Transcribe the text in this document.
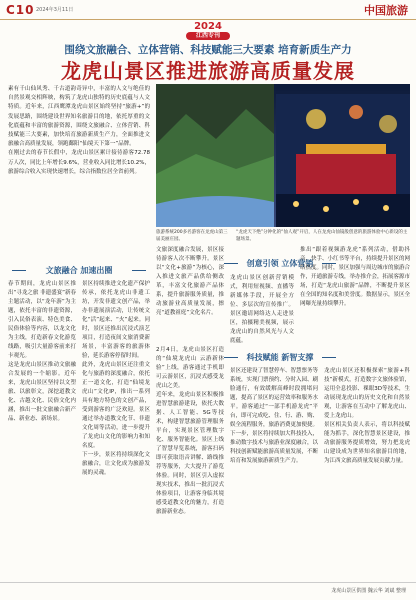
C10 2024年3月11日	中国旅游
2024
江西专刊
围绕文旅融合、立体营销、科技赋能三大要素 培育新质生产力
龙虎山景区推进旅游高质量发展
素有千山仙风秀、千古道韵奇异中，丰富的人文与绝佳的自然景观交相辉映，构筑了龙虎山独特的历史底蕴与人文特质。近年来，江西鹰潭龙虎山景区始终坚持“旅游+”的发展思路，围绕建设世界知名旅游目的地，依托厚重的文化底蕴和丰富的旅游资源，围绕文旅融合、立体营销、科技赋能三大要素，加快培育旅游新质生产力，全面推进文旅融合高质量发展，领跑鄱阳“仙境天下第一”品牌。
在刚过去的春节长假中，龙虎山景区累计接待游客72.78万人次，同比上年增长9.6%，营业收入同比增长10.2%，旅游综合收入实现快速增长，综合指数位居全省前列。
旅游系统200多名游客在龙虎山第三届美丽庄园。
“龙虎天下绝”分钟化的“仙人观”开启，人在龙虎山仙镜般创意的旅游体验中心新设的主题场景。
文旅融合 加速出圈
创意引领 立体营销
科技赋能 新智支撑
春节期间，龙虎山景区推出“寻龙之旅 非遗盛宴”新春主题活动，以“龙年游”为主题，依托丰富的非遗资源，引入民俗表演、特色美食、民俗体验等内容，以龙文化为主线，打造新春文化游览线路，吸引大量游客前来打卡观光。
这是龙虎山景区推动文旅融合发展的一个缩影。近年来，龙虎山景区坚持以文塑旅、以旅彰文，深挖道教文化、古越文化、民俗文化内涵，推出一批文旅融合新产品、新业态、新场景。
景区持续推进文化遗产保护传承，依托龙虎山非遗工坊，开发非遗文创产品，举办非遗展演活动，让传统文化“活”起来、“火”起来。同时，景区还推出沉浸式演艺项目，打造夜间文旅消费新场景，丰富游客的旅游体验，延长游客停留时间。
此外，龙虎山景区还注重文化与旅游的深度融合，依托正一道文化，打造“仙境龙虎山”文化IP，推出一系列具有地方特色的文创产品，受到游客的广泛欢迎。景区通过举办道教文化节、非遗文化周等活动，进一步提升了龙虎山文化的影响力和知名度。
下一步，景区将持续深化文旅融合，让文化成为旅游发展的灵魂。
文旅深度融合发展，景区接待游客人次不断攀升。景区以“文化+旅游”为核心，深入推进文旅产品供给侧改革，丰富文化旅游产品体系，提升旅游服务质量，推动旅游业高质量发展，擦亮“道教祖庭”文化名片。
龙虎山景区创新营销模式，利用短视频、直播等新媒体手段，开展全方位、多层次的宣传推广。景区邀请网络达人走进景区，拍摄精美视频，展示龙虎山的自然风光与人文底蕴。
推出“跟着视频游龙虎”系列活动，借助抖音、快手、小红书等平台，持续提升景区的网络热度。同时，景区加强与周边城市的旅游合作，开通旅游专线，举办推介会，拓展客源市场，打造“龙虎山旅游”品牌，不断提升景区在全国的知名度和美誉度。数据显示，景区全网曝光量持续攀升。
2月4日，龙虎山景区打造的“仙境龙虎山 云游新体验”上线，游客通过手机即可云游景区，沉浸式感受龙虎山之美。
近年来，龙虎山景区积极推进智慧旅游建设，依托大数据、人工智能、5G等技术，构建智慧旅游管理服务平台，实现景区管理数字化、服务智能化。景区上线了智慧导览系统，游客扫码即可获取语音讲解、路线推荐等服务，大大提升了游览体验。同时，景区引入虚拟现实技术，推出一批沉浸式体验项目，让游客身临其境感受道教文化的魅力，打造旅游新业态。
景区还建设了智慧停车、智慧票务等系统，实现门票预约、分时入园、刷脸通行，有效缓解高峰时段拥堵问题，提高了景区的运营效率和服务水平。游客通过“一部手机游龙虎”平台，即可完成吃、住、行、游、购、娱全流程服务，旅游消费更加便捷。
下一步，景区将持续加大科技投入，推动数字技术与旅游业深度融合，以科技创新赋能旅游高质量发展，不断培育和发展旅游新质生产力。
龙虎山景区还积极探索“旅游+科技”新模式，打造数字文旅体验馆，运用全息投影、裸眼3D等技术，生动展现龙虎山的历史文化和自然景观，让游客在互动中了解龙虎山、爱上龙虎山。
景区相关负责人表示，将以科技赋能为抓手，深化智慧景区建设，推动旅游服务提质增效，努力把龙虎山建设成为世界知名旅游目的地，为江西文旅高质量发展贡献力量。
龙虎山景区供图 魏云华 刘斌 整理
